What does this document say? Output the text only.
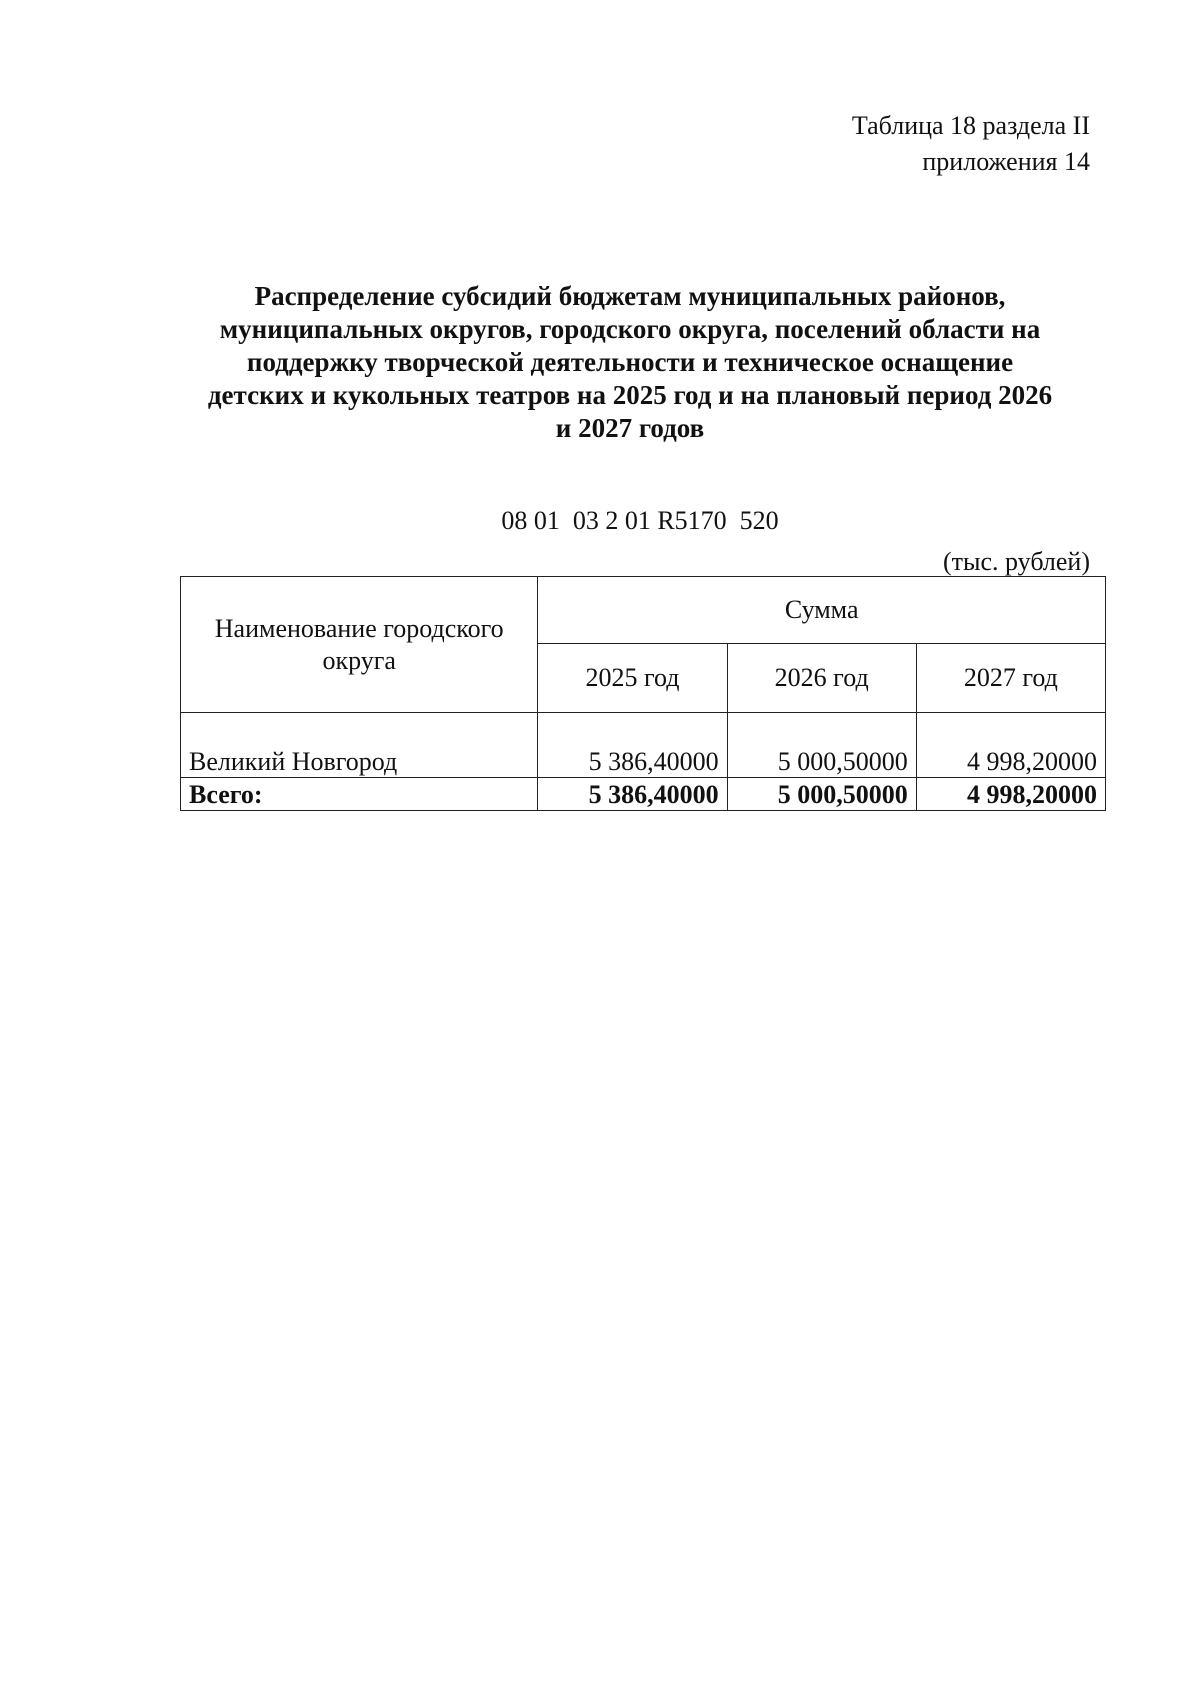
Таблица 18 раздела II
приложения 14
Распределение субсидий бюджетам муниципальных районов,
муниципальных округов, городского округа, поселений области на
поддержку творческой деятельности и техническое оснащение
детских и кукольных театров на 2025 год и на плановый период 2026
и 2027 годов
08 01  03 2 01 R5170  520
(тыс. рублей)
Наименование городского округа	Сумма		
	2025 год	2026 год	2027 год
Великий Новгород	5 386,40000	5 000,50000	4 998,20000
Всего:	5 386,40000	5 000,50000	4 998,20000
